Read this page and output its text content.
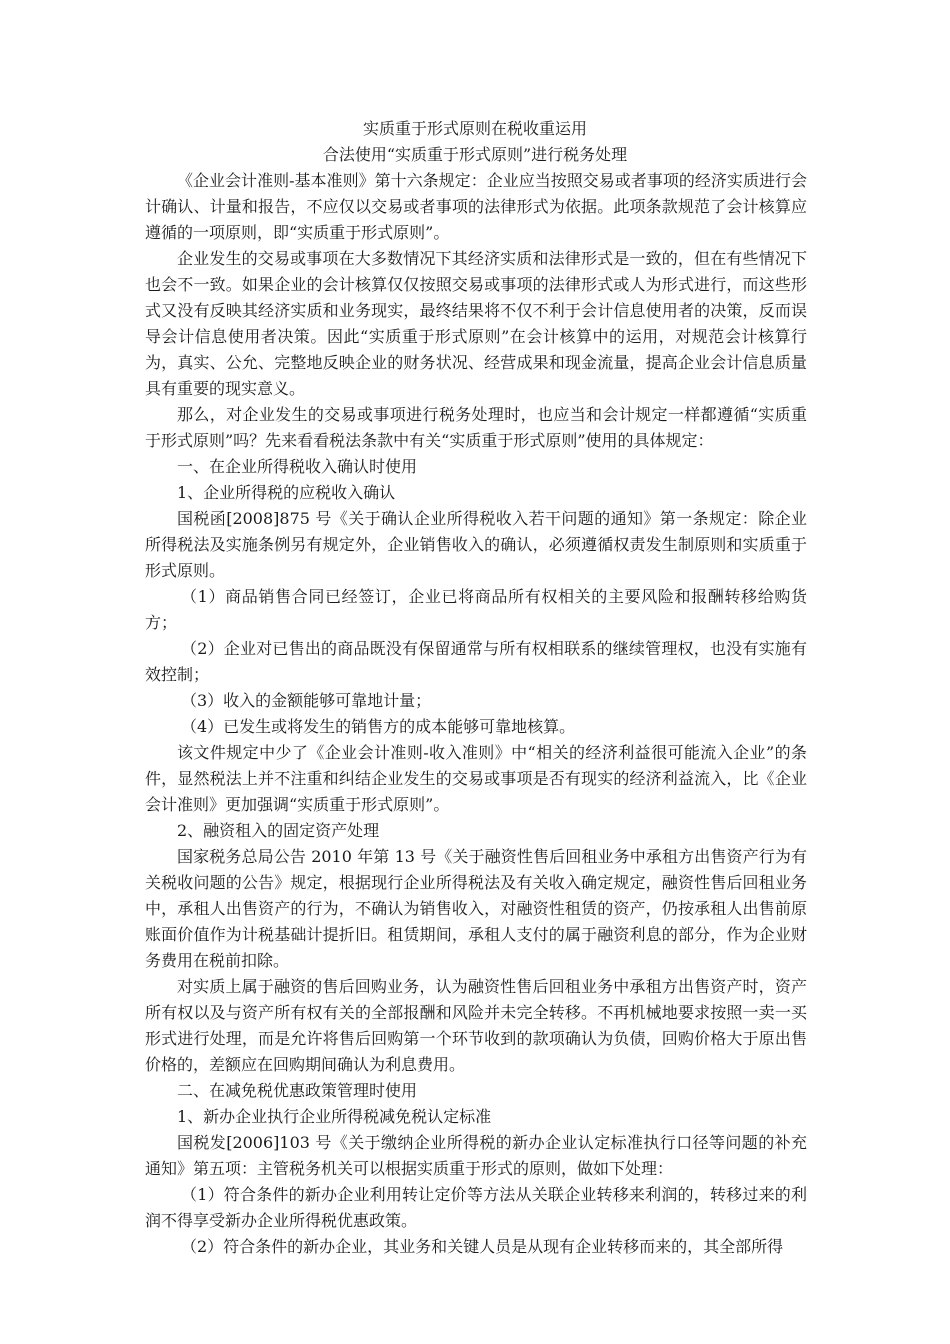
实质重于形式原则在税收重运用
合法使用“实质重于形式原则”进行税务处理

《企业会计准则-基本准则》第十六条规定：企业应当按照交易或者事项的经济实质进行会计确认、计量和报告，不应仅以交易或者事项的法律形式为依据。此项条款规范了会计核算应遵循的一项原则，即“实质重于形式原则”。

企业发生的交易或事项在大多数情况下其经济实质和法律形式是一致的，但在有些情况下也会不一致。如果企业的会计核算仅仅按照交易或事项的法律形式或人为形式进行，而这些形式又没有反映其经济实质和业务现实，最终结果将不仅不利于会计信息使用者的决策，反而误导会计信息使用者决策。因此“实质重于形式原则”在会计核算中的运用，对规范会计核算行为，真实、公允、完整地反映企业的财务状况、经营成果和现金流量，提高企业会计信息质量具有重要的现实意义。

那么，对企业发生的交易或事项进行税务处理时，也应当和会计规定一样都遵循“实质重于形式原则”吗？先来看看税法条款中有关“实质重于形式原则”使用的具体规定：

一、在企业所得税收入确认时使用

1、企业所得税的应税收入确认

国税函[2008]875 号《关于确认企业所得税收入若干问题的通知》第一条规定：除企业所得税法及实施条例另有规定外，企业销售收入的确认，必须遵循权责发生制原则和实质重于形式原则。

（1）商品销售合同已经签订，企业已将商品所有权相关的主要风险和报酬转移给购货方；

（2）企业对已售出的商品既没有保留通常与所有权相联系的继续管理权，也没有实施有效控制；

（3）收入的金额能够可靠地计量；

（4）已发生或将发生的销售方的成本能够可靠地核算。

该文件规定中少了《企业会计准则-收入准则》中“相关的经济利益很可能流入企业”的条件，显然税法上并不注重和纠结企业发生的交易或事项是否有现实的经济利益流入，比《企业会计准则》更加强调“实质重于形式原则”。

2、融资租入的固定资产处理

国家税务总局公告 2010 年第 13 号《关于融资性售后回租业务中承租方出售资产行为有关税收问题的公告》规定，根据现行企业所得税法及有关收入确定规定，融资性售后回租业务中，承租人出售资产的行为，不确认为销售收入，对融资性租赁的资产，仍按承租人出售前原账面价值作为计税基础计提折旧。租赁期间，承租人支付的属于融资利息的部分，作为企业财务费用在税前扣除。

对实质上属于融资的售后回购业务，认为融资性售后回租业务中承租方出售资产时，资产所有权以及与资产所有权有关的全部报酬和风险并未完全转移。不再机械地要求按照一卖一买形式进行处理，而是允许将售后回购第一个环节收到的款项确认为负债，回购价格大于原出售价格的，差额应在回购期间确认为利息费用。

二、在减免税优惠政策管理时使用

1、新办企业执行企业所得税减免税认定标准

国税发[2006]103 号《关于缴纳企业所得税的新办企业认定标准执行口径等问题的补充通知》第五项：主管税务机关可以根据实质重于形式的原则，做如下处理：

（1）符合条件的新办企业利用转让定价等方法从关联企业转移来利润的，转移过来的利润不得享受新办企业所得税优惠政策。

（2）符合条件的新办企业，其业务和关键人员是从现有企业转移而来的，其全部所得
